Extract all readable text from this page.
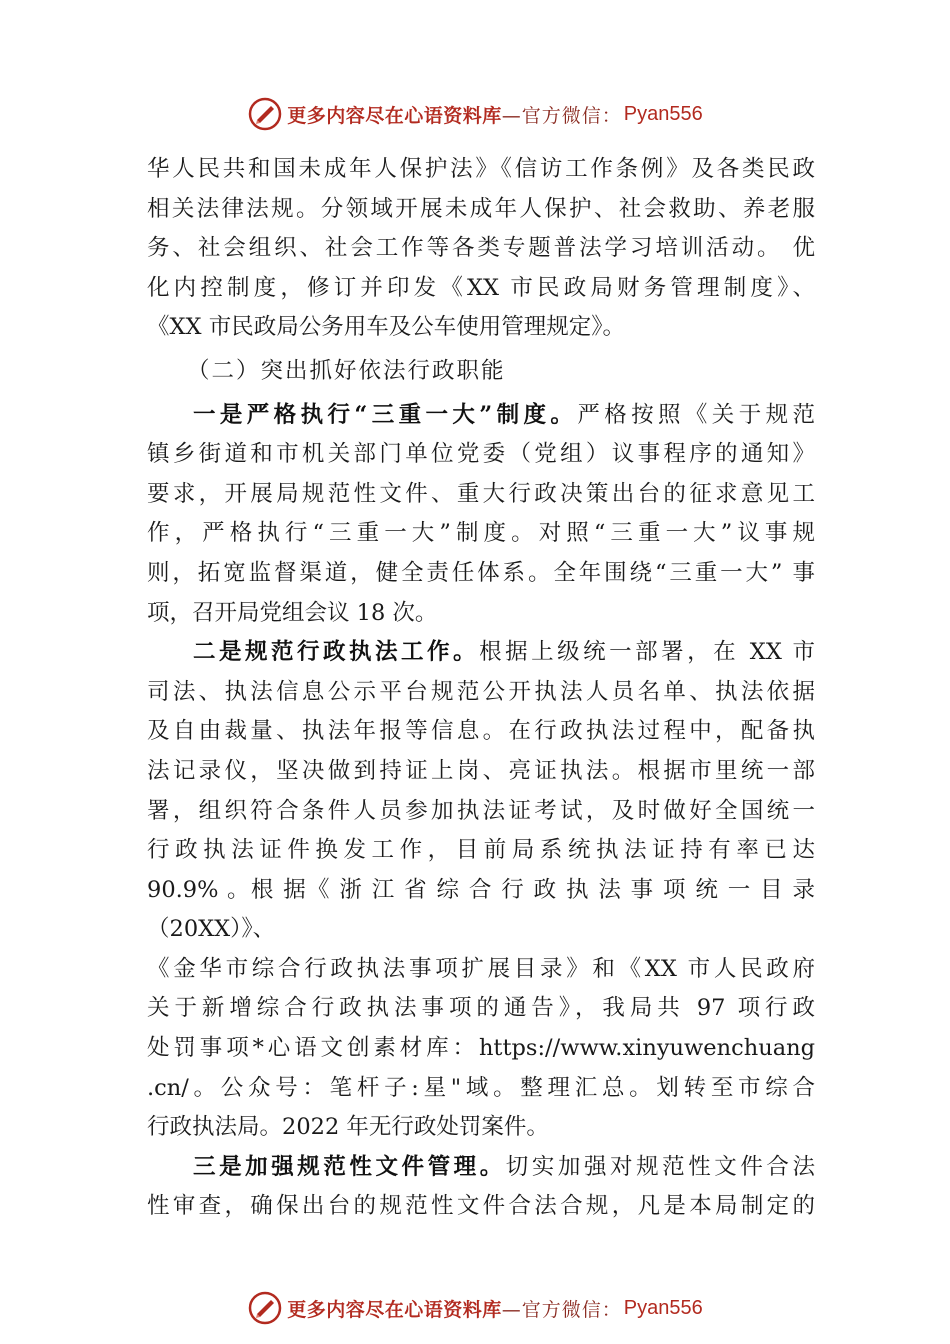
更多内容尽在心语资料库 —官方微信： Pyan556

华人民共和国未成年人保护法》《信访工作条例》及各类民政

相关法律法规。分领域开展未成年人保护、社会救助、养老服

务、社会组织、社会工作等各类专题普法学习培训活动。 优

化内控制度，修订并印发《XX 市民政局财务管理制度》、

《XX 市民政局公务用车及公车使用管理规定》。

（二）突出抓好依法行政职能

一是严格执行“三重一大”制度。严格按照《关于规范

镇乡街道和市机关部门单位党委（党组）议事程序的通知》

要求，开展局规范性文件、重大行政决策出台的征求意见工

作，严格执行“三重一大”制度。对照“三重一大”议事规

则，拓宽监督渠道，健全责任体系。全年围绕“三重一大” 事

项，召开局党组会议 18 次。

二是规范行政执法工作。根据上级统一部署，在 XX 市

司法、执法信息公示平台规范公开执法人员名单、执法依据

及自由裁量、执法年报等信息。在行政执法过程中，配备执

法记录仪，坚决做到持证上岗、亮证执法。根据市里统一部

署，组织符合条件人员参加执法证考试，及时做好全国统一

行政执法证件换发工作，目前局系统执法证持有率已达

90.9% 。根 据《 浙 江 省 综 合 行 政 执 法 事 项 统 一 目 录

（20XX）》、

《金华市综合行政执法事项扩展目录》和《XX 市人民政府

关于新增综合行政执法事项的通告》，我局共 97 项行政

处罚事项*心语文创素材库：https://www.xinyuwenchuang

.cn/。公众号：笔杆子:星"域。整理汇总。划转至市综合

行政执法局。2022 年无行政处罚案件。

三是加强规范性文件管理。切实加强对规范性文件合法

性审查，确保出台的规范性文件合法合规，凡是本局制定的

更多内容尽在心语资料库 —官方微信： Pyan556
